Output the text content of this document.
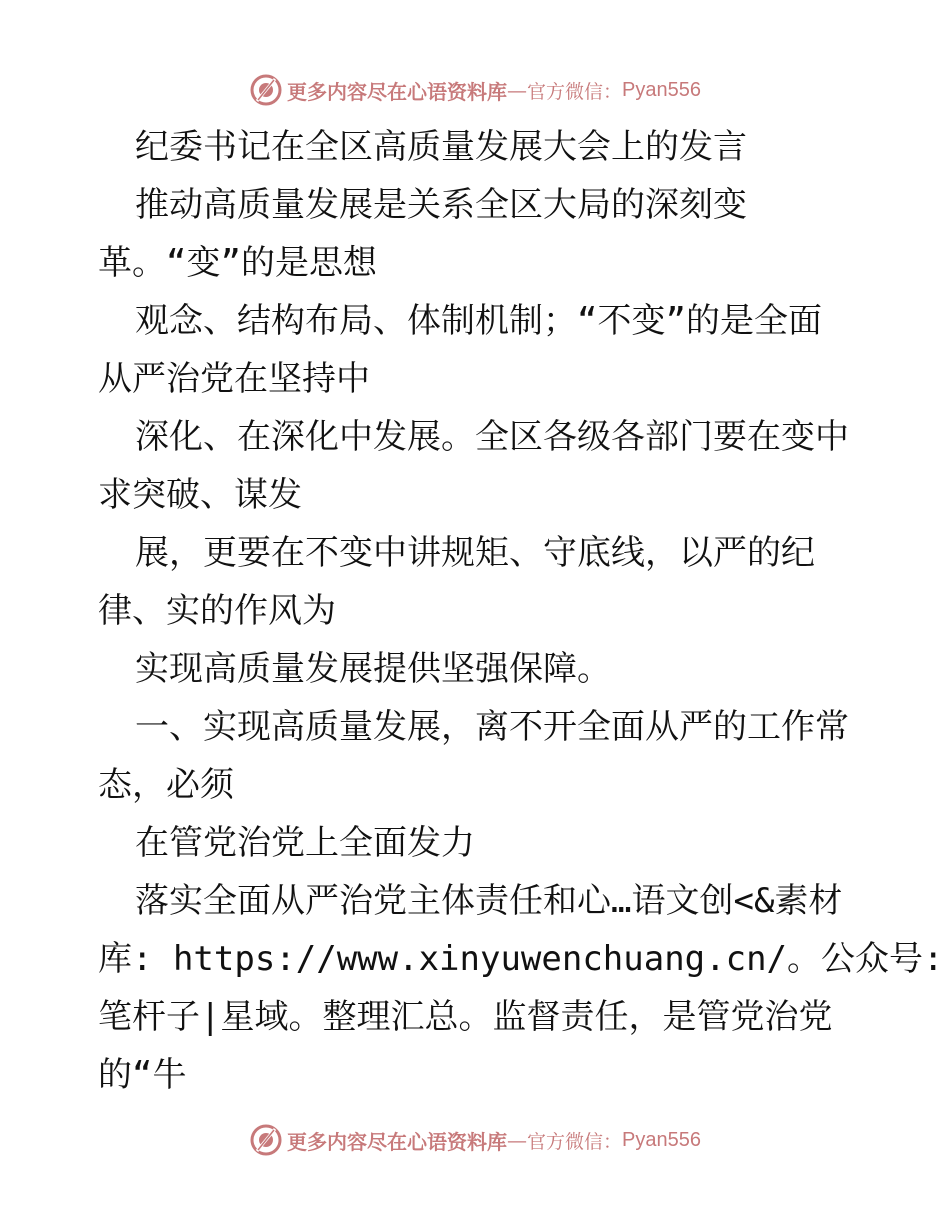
更多内容尽在心语资料库 — 官方微信： Pyan556
纪委书记在全区高质量发展大会上的发言
推动高质量发展是关系全区大局的深刻变
革。“变”的是思想
观念、结构布局、体制机制；“不变”的是全面
从严治党在坚持中
深化、在深化中发展。全区各级各部门要在变中
求突破、谋发
展，更要在不变中讲规矩、守底线，以严的纪
律、实的作风为
实现高质量发展提供坚强保障。
一、实现高质量发展，离不开全面从严的工作常
态，必须
在管党治党上全面发力
落实全面从严治党主体责任和心…语文创<&素材
库: https://www.xinyuwenchuang.cn/。公众号:
笔杆子|星域。整理汇总。监督责任，是管党治党
的“牛
更多内容尽在心语资料库 — 官方微信： Pyan556
